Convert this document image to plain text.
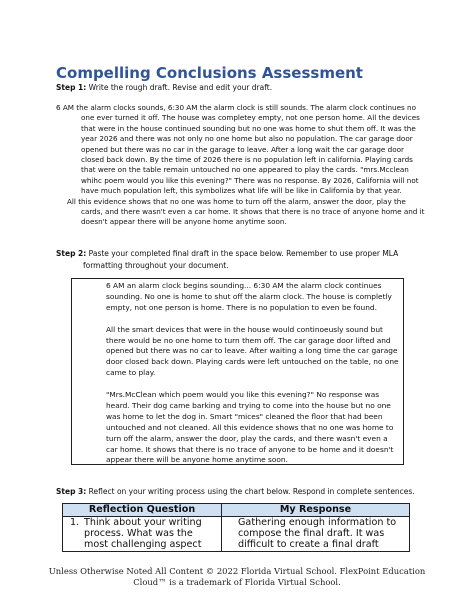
Compelling Conclusions Assessment
Step 1: Write the rough draft. Revise and edit your draft.

6 AM the alarm clocks sounds, 6:30 AM the alarm clock is still sounds. The alarm clock continues no one ever turned it off. The house was completey empty, not one person home. All the devices that were in the house continued sounding but no one was home to shut them off. It was the year 2026 and there was not only no one home but also no population. The car garage door opened but there was no car in the garage to leave. After a long wait the car garage door closed back down. By the time of 2026 there is no population left in california. Playing cards that were on the table remain untouched no one appeared to play the cards. "mrs.Mcclean whihc poem would you like this evening?" There was no response. By 2026, California will not have much population left, this symbolizes what life will be like in California by that year.

All this evidence shows that no one was home to turn off the alarm, answer the door, play the cards, and there wasn't even a car home. It shows that there is no trace of anyone home and it doesn't appear there will be anyone home anytime soon.

Step 2: Paste your completed final draft in the space below. Remember to use proper MLA
formatting throughout your document.

6 AM an alarm clock begins sounding... 6:30 AM the alarm clock continues sounding. No one is home to shut off the alarm clock. The house is completly empty, not one person is home. There is no population to even be found.

All the smart devices that were in the house would continoeusly sound but there would be no one home to turn them off. The car garage door lifted and opened but there was no car to leave. After waiting a long time the car garage door closed back down. Playing cards were left untouched on the table, no one came to play.

"Mrs.McClean which poem would you like this evening?" No response was heard. Their dog came barking and trying to come into the house but no one was home to let the dog in. Smart "mices" cleaned the floor that had been untouched and not cleaned. All this evidence shows that no one was home to turn off the alarm, answer the door, play the cards, and there wasn't even a car home. It shows that there is no trace of anyone to be home and it doesn't appear there will be anyone home anytime soon.

Step 3: Reflect on your writing process using the chart below. Respond in complete sentences.
Reflection Question	My Response

1. Think about your writing process. What was the most challenging aspect	Gathering enough information to compose the final draft. It was difficult to create a final draft
Unless Otherwise Noted All Content © 2022 Florida Virtual School. FlexPoint Education
Cloud™ is a trademark of Florida Virtual School.
